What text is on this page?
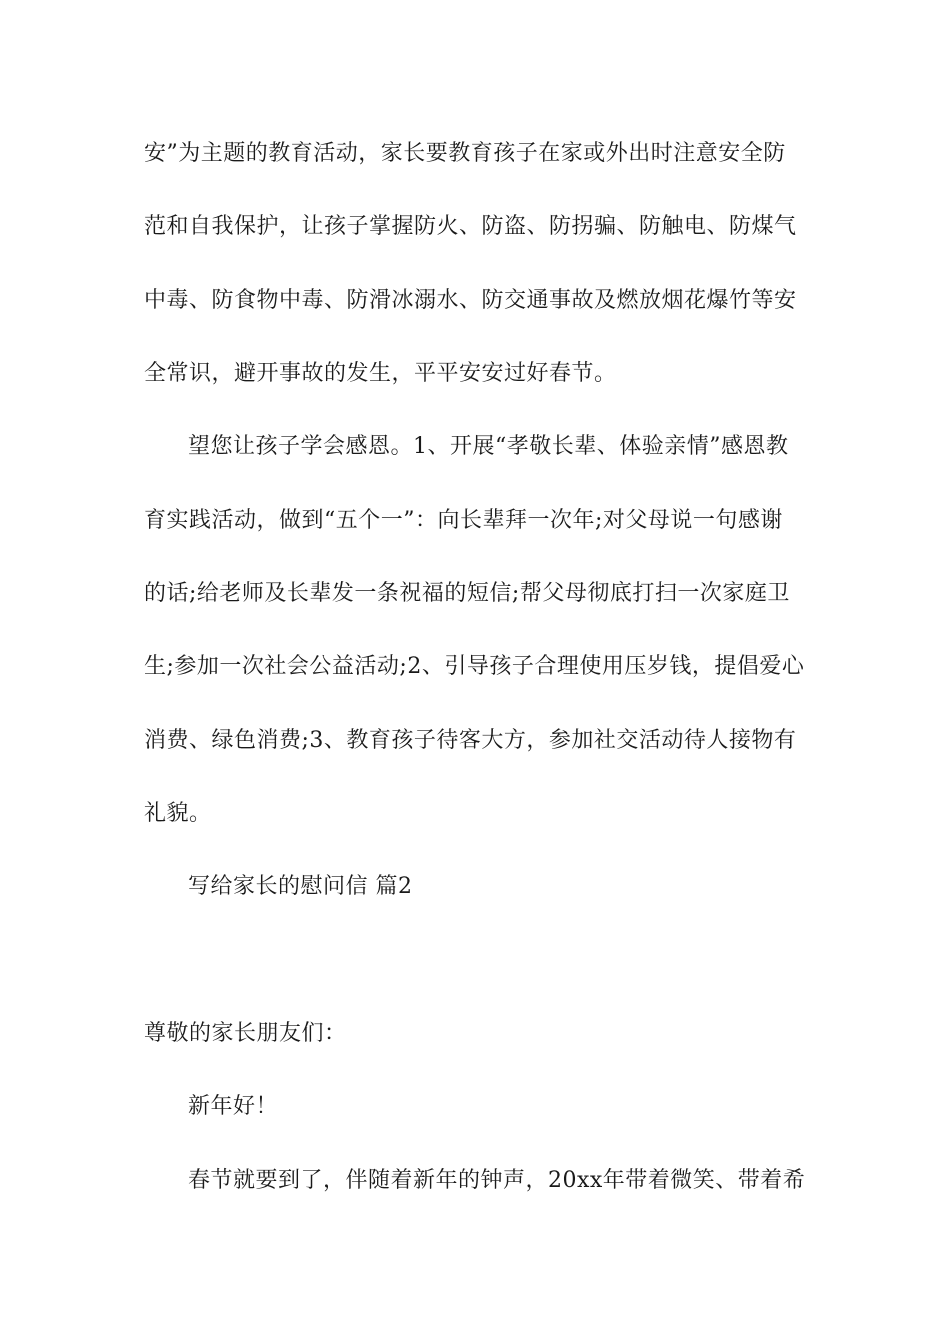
安”为主题的教育活动，家长要教育孩子在家或外出时注意安全防
范和自我保护，让孩子掌握防火、防盗、防拐骗、防触电、防煤气
中毒、防食物中毒、防滑冰溺水、防交通事故及燃放烟花爆竹等安
全常识，避开事故的发生，平平安安过好春节。
望您让孩子学会感恩。1、开展“孝敬长辈、体验亲情”感恩教
育实践活动，做到“五个一”：向长辈拜一次年;对父母说一句感谢
的话;给老师及长辈发一条祝福的短信;帮父母彻底打扫一次家庭卫
生;参加一次社会公益活动;2、引导孩子合理使用压岁钱，提倡爱心
消费、绿色消费;3、教育孩子待客大方，参加社交活动待人接物有
礼貌。
写给家长的慰问信 篇2
尊敬的家长朋友们：
新年好！
春节就要到了，伴随着新年的钟声，20xx年带着微笑、带着希
